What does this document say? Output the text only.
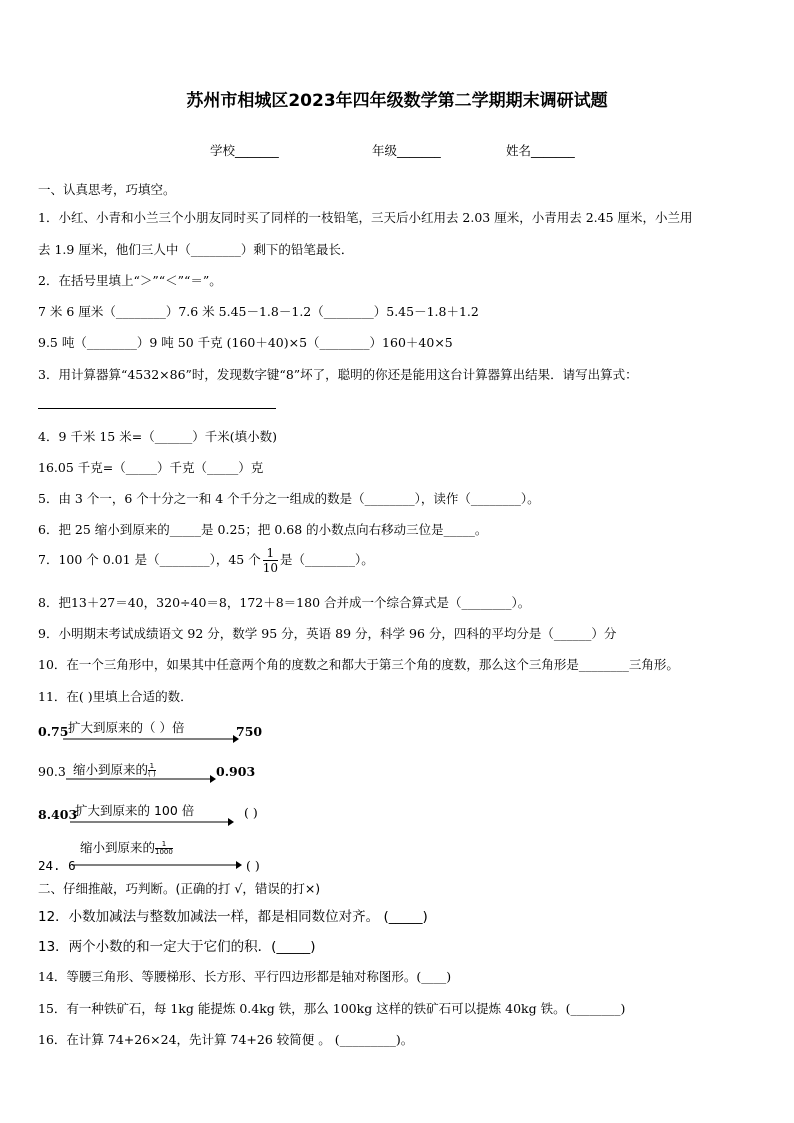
苏州市相城区2023年四年级数学第二学期期末调研试题
学校_______	年级_______	姓名_______
一、认真思考，巧填空。
1．小红、小青和小兰三个小朋友同时买了同样的一枝铅笔，三天后小红用去 2.03 厘米，小青用去 2.45 厘米，小兰用
去 1.9 厘米，他们三人中（________）剩下的铅笔最长．
2．在括号里填上“＞”“＜”“＝”。
7 米 6 厘米（________）7.6 米 5.45－1.8－1.2（________）5.45－1.8＋1.2
9.5 吨（________）9 吨 50 千克 (160＋40)×5（________）160＋40×5
3．用计算器算“4532×86”时，发现数字键“8”坏了，聪明的你还是能用这台计算器算出结果．请写出算式：
4．9 千米 15 米=（______）千米(填小数)
16.05 千克=（_____）千克（_____）克
5．由 3 个一，6 个十分之一和 4 个千分之一组成的数是（________），读作（________）。
6．把 25 缩小到原来的_____是 0.25；把 0.68 的小数点向右移动三位是_____。
7．100 个 0.01 是（________），45 个 $\frac{1}{10}$ 是（________）。
8．把13＋27＝40，320÷40＝8，172＋8＝180 合并成一个综合算式是（________）。
9．小明期末考试成绩语文 92 分，数学 95 分，英语 89 分，科学 96 分，四科的平均分是（______）分
10．在一个三角形中，如果其中任意两个角的度数之和都大于第三个角的度数，那么这个三角形是________三角形。
11．在( )里填上合适的数．
0.75 扩大到原来的（ ）倍	750
90.3 缩小到原来的 $\frac{1}{( )}$	0.903
8.403
扩大到原来的 100 倍	( )
24. 6
缩小到原来的 $\frac{1}{1000}$
( )
二、仔细推敲，巧判断。(正确的打 √，错误的打×)
12．小数加减法与整数加减法一样，都是相同数位对齐。 (_____)
13．两个小数的和一定大于它们的积．(_____)
14．等腰三角形、等腰梯形、长方形、平行四边形都是轴对称图形。(____)
15．有一种铁矿石，每 1kg 能提炼 0.4kg 铁，那么 100kg 这样的铁矿石可以提炼 40kg 铁。(________)
16．在计算 74+26×24，先计算 74+26 较简便 。 (_________)。
